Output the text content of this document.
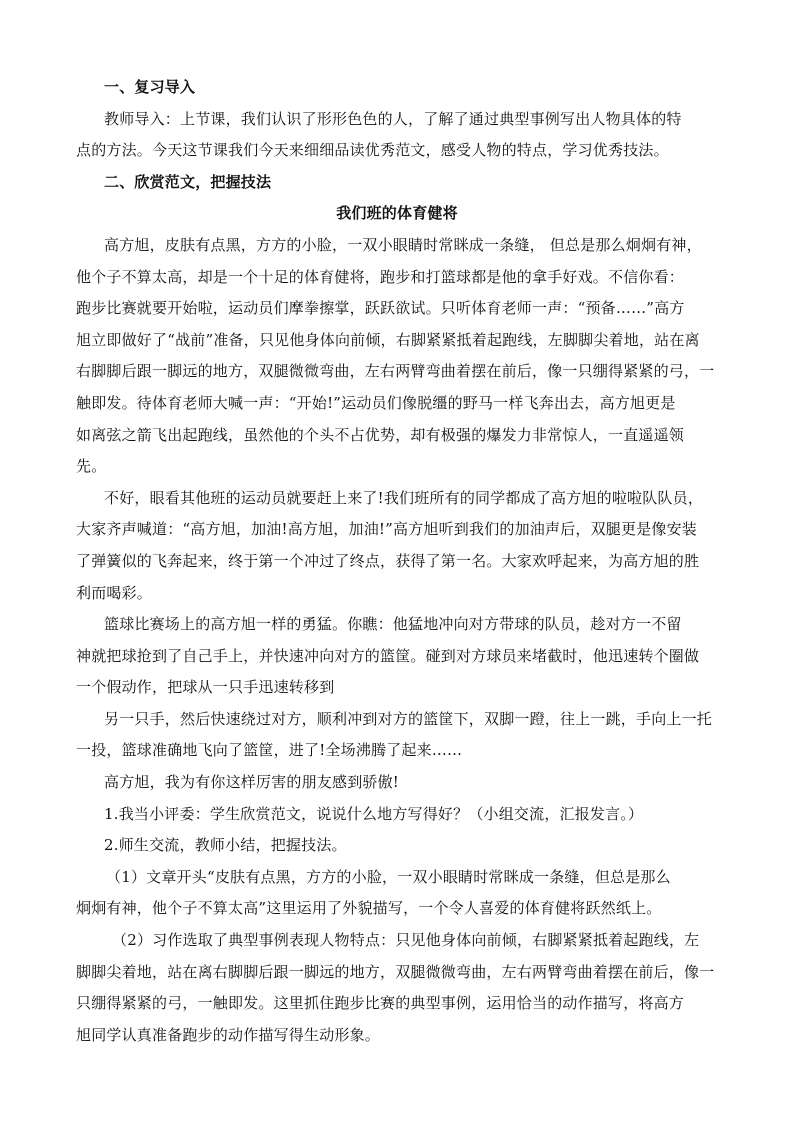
一、复习导入
教师导入：上节课，我们认识了形形色色的人，了解了通过典型事例写出人物具体的特
点的方法。今天这节课我们今天来细细品读优秀范文，感受人物的特点，学习优秀技法。
二、欣赏范文，把握技法
我们班的体育健将
高方旭，皮肤有点黑，方方的小脸，一双小眼睛时常眯成一条缝， 但总是那么炯炯有神，
他个子不算太高，却是一个十足的体育健将，跑步和打篮球都是他的拿手好戏。不信你看：
跑步比赛就要开始啦，运动员们摩拳擦掌，跃跃欲试。只听体育老师一声：“预备……”高方
旭立即做好了“战前”准备，只见他身体向前倾，右脚紧紧抵着起跑线，左脚脚尖着地，站在离
右脚脚后跟一脚远的地方，双腿微微弯曲，左右两臂弯曲着摆在前后，像一只绷得紧紧的弓，一
触即发。待体育老师大喊一声：“开始!”运动员们像脱缰的野马一样飞奔出去，高方旭更是
如离弦之箭飞出起跑线，虽然他的个头不占优势，却有极强的爆发力非常惊人，一直遥遥领
先。
不好，眼看其他班的运动员就要赶上来了!我们班所有的同学都成了高方旭的啦啦队队员，
大家齐声喊道：“高方旭，加油!高方旭，加油!”高方旭听到我们的加油声后，双腿更是像安装
了弹簧似的飞奔起来，终于第一个冲过了终点，获得了第一名。大家欢呼起来，为高方旭的胜
利而喝彩。
篮球比赛场上的高方旭一样的勇猛。你瞧：他猛地冲向对方带球的队员，趁对方一不留
神就把球抢到了自己手上，并快速冲向对方的篮筐。碰到对方球员来堵截时，他迅速转个圈做
一个假动作，把球从一只手迅速转移到
另一只手，然后快速绕过对方，顺利冲到对方的篮筐下，双脚一蹬，往上一跳，手向上一托
一投，篮球准确地飞向了篮筐，进了!全场沸腾了起来……
高方旭，我为有你这样厉害的朋友感到骄傲!
1.我当小评委：学生欣赏范文，说说什么地方写得好？（小组交流，汇报发言。）
2.师生交流，教师小结，把握技法。
（1）文章开头“皮肤有点黑，方方的小脸，一双小眼睛时常眯成一条缝，但总是那么
炯炯有神，他个子不算太高”这里运用了外貌描写，一个令人喜爱的体育健将跃然纸上。
（2）习作选取了典型事例表现人物特点：只见他身体向前倾，右脚紧紧抵着起跑线，左
脚脚尖着地，站在离右脚脚后跟一脚远的地方，双腿微微弯曲，左右两臂弯曲着摆在前后，像一
只绷得紧紧的弓，一触即发。这里抓住跑步比赛的典型事例，运用恰当的动作描写，将高方
旭同学认真准备跑步的动作描写得生动形象。
